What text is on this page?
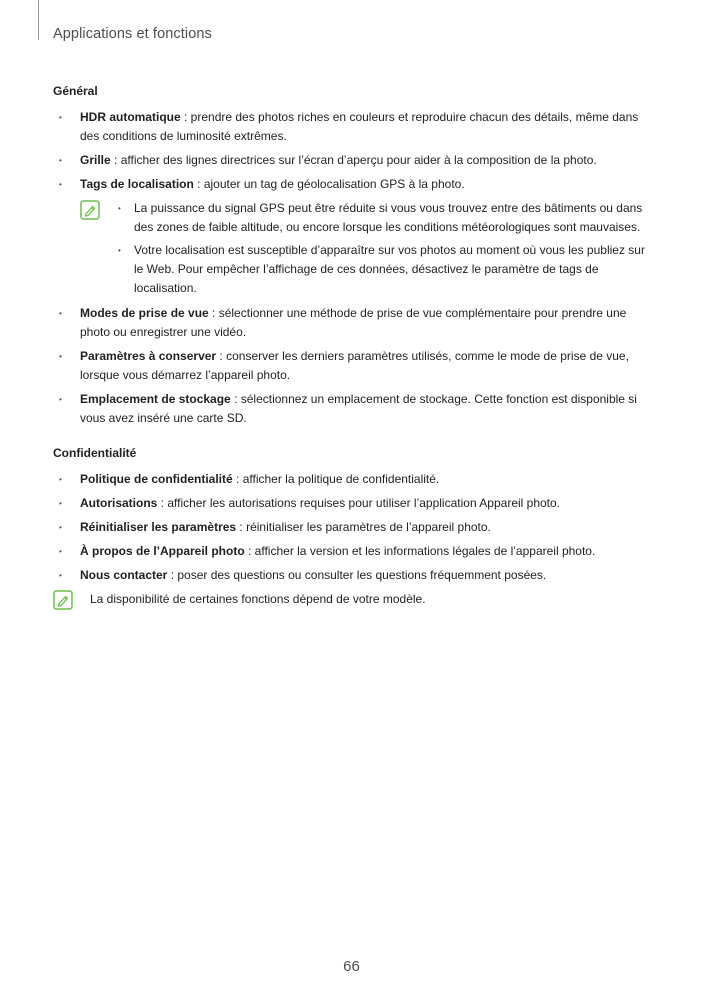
Applications et fonctions
Général
• HDR automatique : prendre des photos riches en couleurs et reproduire chacun des détails, même dans des conditions de luminosité extrêmes.
• Grille : afficher des lignes directrices sur l’écran d’aperçu pour aider à la composition de la photo.
• Tags de localisation : ajouter un tag de géolocalisation GPS à la photo.
• La puissance du signal GPS peut être réduite si vous vous trouvez entre des bâtiments ou dans des zones de faible altitude, ou encore lorsque les conditions météorologiques sont mauvaises.
• Votre localisation est susceptible d’apparaître sur vos photos au moment où vous les publiez sur le Web. Pour empêcher l’affichage de ces données, désactivez le paramètre de tags de localisation.
• Modes de prise de vue : sélectionner une méthode de prise de vue complémentaire pour prendre une photo ou enregistrer une vidéo.
• Paramètres à conserver : conserver les derniers paramètres utilisés, comme le mode de prise de vue, lorsque vous démarrez l’appareil photo.
• Emplacement de stockage : sélectionnez un emplacement de stockage. Cette fonction est disponible si vous avez inséré une carte SD.
Confidentialité
• Politique de confidentialité : afficher la politique de confidentialité.
• Autorisations : afficher les autorisations requises pour utiliser l’application Appareil photo.
• Réinitialiser les paramètres : réinitialiser les paramètres de l’appareil photo.
• À propos de l’Appareil photo : afficher la version et les informations légales de l’appareil photo.
• Nous contacter : poser des questions ou consulter les questions fréquemment posées.
La disponibilité de certaines fonctions dépend de votre modèle.
66
